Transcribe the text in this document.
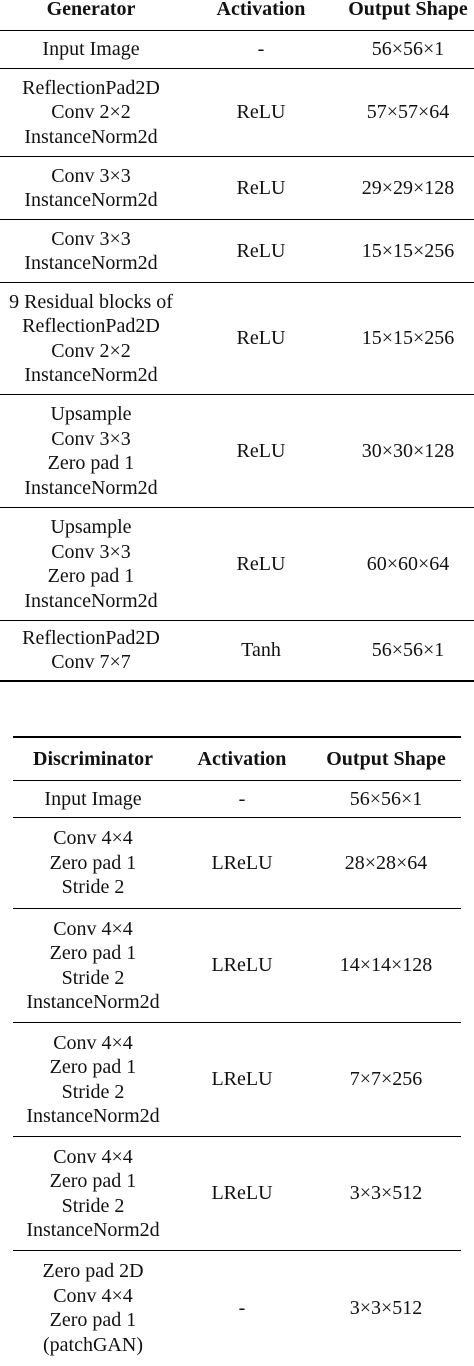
Generator	Activation	Output Shape

Input Image	-	56×56×1

ReflectionPad2D
Conv 2×2
InstanceNorm2d	ReLU	57×57×64

Conv 3×3
InstanceNorm2d	ReLU	29×29×128

Conv 3×3
InstanceNorm2d	ReLU	15×15×256

9 Residual blocks of
ReflectionPad2D
Conv 2×2
InstanceNorm2d	ReLU	15×15×256

Upsample
Conv 3×3
Zero pad 1
InstanceNorm2d	ReLU	30×30×128

Upsample
Conv 3×3
Zero pad 1
InstanceNorm2d	ReLU	60×60×64

ReflectionPad2D
Conv 7×7	Tanh	56×56×1
Discriminator	Activation	Output Shape

Input Image	-	56×56×1

Conv 4×4
Zero pad 1
Stride 2	LReLU	28×28×64

Conv 4×4
Zero pad 1
Stride 2
InstanceNorm2d	LReLU	14×14×128

Conv 4×4
Zero pad 1
Stride 2
InstanceNorm2d	LReLU	7×7×256

Conv 4×4
Zero pad 1
Stride 2
InstanceNorm2d	LReLU	3×3×512

Zero pad 2D
Conv 4×4
Zero pad 1
(patchGAN)	-	3×3×512
